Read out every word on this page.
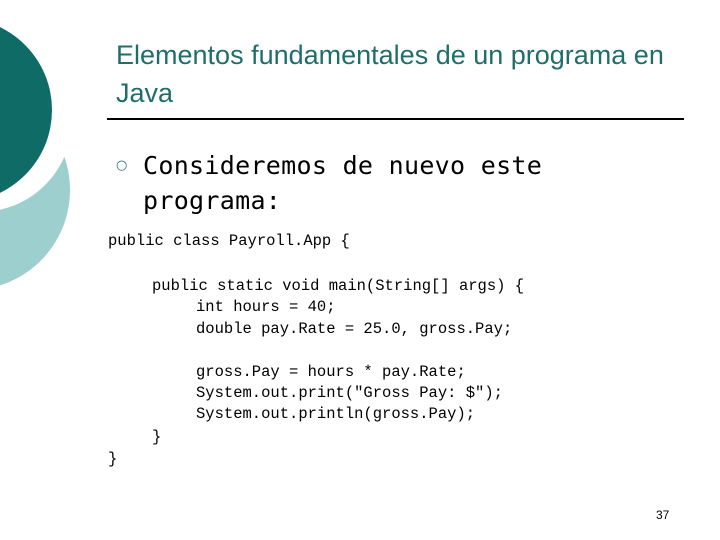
Elementos fundamentales de un programa en Java
○ Consideremos de nuevo este programa:
public class Payroll.App {
public static void main(String[] args) {
int hours = 40;
double pay.Rate = 25.0, gross.Pay;
gross.Pay = hours * pay.Rate;
System.out.print("Gross Pay: $");
System.out.println(gross.Pay);
}
}
37
